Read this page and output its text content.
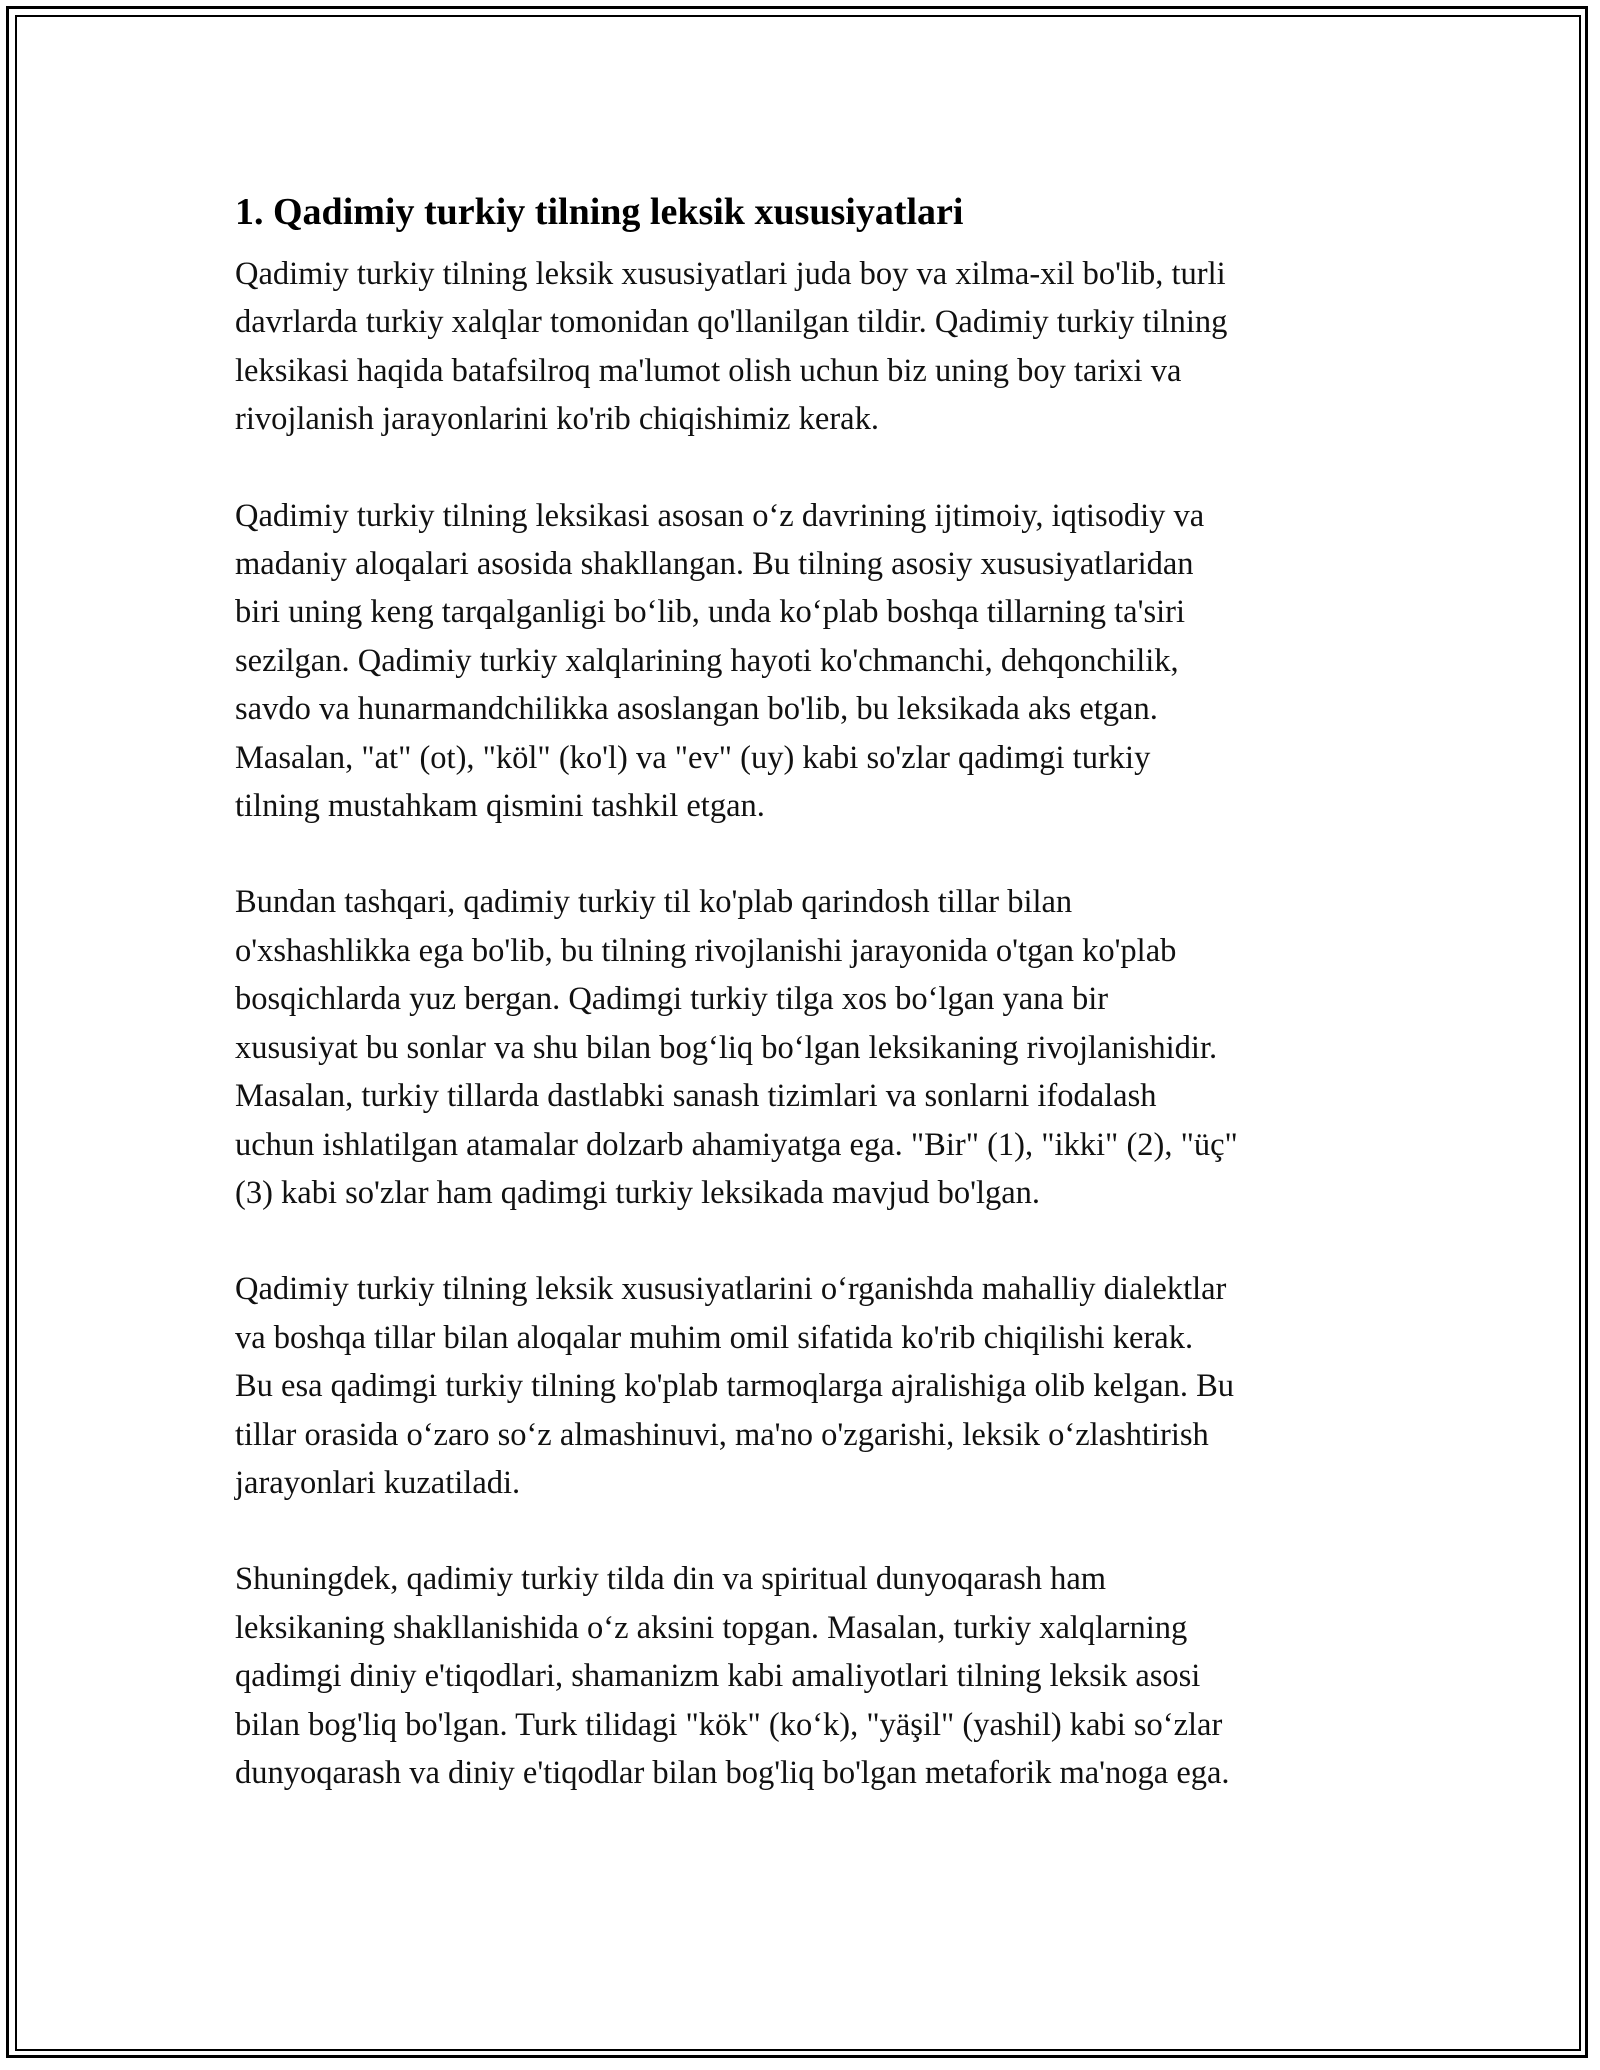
1. Qadimiy turkiy tilning leksik xususiyatlari

Qadimiy turkiy tilning leksik xususiyatlari juda boy va xilma-xil bo'lib, turli
davrlarda turkiy xalqlar tomonidan qo'llanilgan tildir. Qadimiy turkiy tilning
leksikasi haqida batafsilroq ma'lumot olish uchun biz uning boy tarixi va
rivojlanish jarayonlarini ko'rib chiqishimiz kerak.

Qadimiy turkiy tilning leksikasi asosan o‘z davrining ijtimoiy, iqtisodiy va
madaniy aloqalari asosida shakllangan. Bu tilning asosiy xususiyatlaridan
biri uning keng tarqalganligi bo‘lib, unda ko‘plab boshqa tillarning ta'siri
sezilgan. Qadimiy turkiy xalqlarining hayoti ko'chmanchi, dehqonchilik,
savdo va hunarmandchilikka asoslangan bo'lib, bu leksikada aks etgan.
Masalan, "at" (ot), "köl" (ko'l) va "ev" (uy) kabi so'zlar qadimgi turkiy
tilning mustahkam qismini tashkil etgan.

Bundan tashqari, qadimiy turkiy til ko'plab qarindosh tillar bilan
o'xshashlikka ega bo'lib, bu tilning rivojlanishi jarayonida o'tgan ko'plab
bosqichlarda yuz bergan. Qadimgi turkiy tilga xos bo‘lgan yana bir
xususiyat bu sonlar va shu bilan bog‘liq bo‘lgan leksikaning rivojlanishidir.
Masalan, turkiy tillarda dastlabki sanash tizimlari va sonlarni ifodalash
uchun ishlatilgan atamalar dolzarb ahamiyatga ega. "Bir" (1), "ikki" (2), "üç"
(3) kabi so'zlar ham qadimgi turkiy leksikada mavjud bo'lgan.

Qadimiy turkiy tilning leksik xususiyatlarini o‘rganishda mahalliy dialektlar
va boshqa tillar bilan aloqalar muhim omil sifatida ko'rib chiqilishi kerak.
Bu esa qadimgi turkiy tilning ko'plab tarmoqlarga ajralishiga olib kelgan. Bu
tillar orasida o‘zaro so‘z almashinuvi, ma'no o'zgarishi, leksik o‘zlashtirish
jarayonlari kuzatiladi.

Shuningdek, qadimiy turkiy tilda din va spiritual dunyoqarash ham
leksikaning shakllanishida o‘z aksini topgan. Masalan, turkiy xalqlarning
qadimgi diniy e'tiqodlari, shamanizm kabi amaliyotlari tilning leksik asosi
bilan bog'liq bo'lgan. Turk tilidagi "kök" (ko‘k), "yäşil" (yashil) kabi so‘zlar
dunyoqarash va diniy e'tiqodlar bilan bog'liq bo'lgan metaforik ma'noga ega.
